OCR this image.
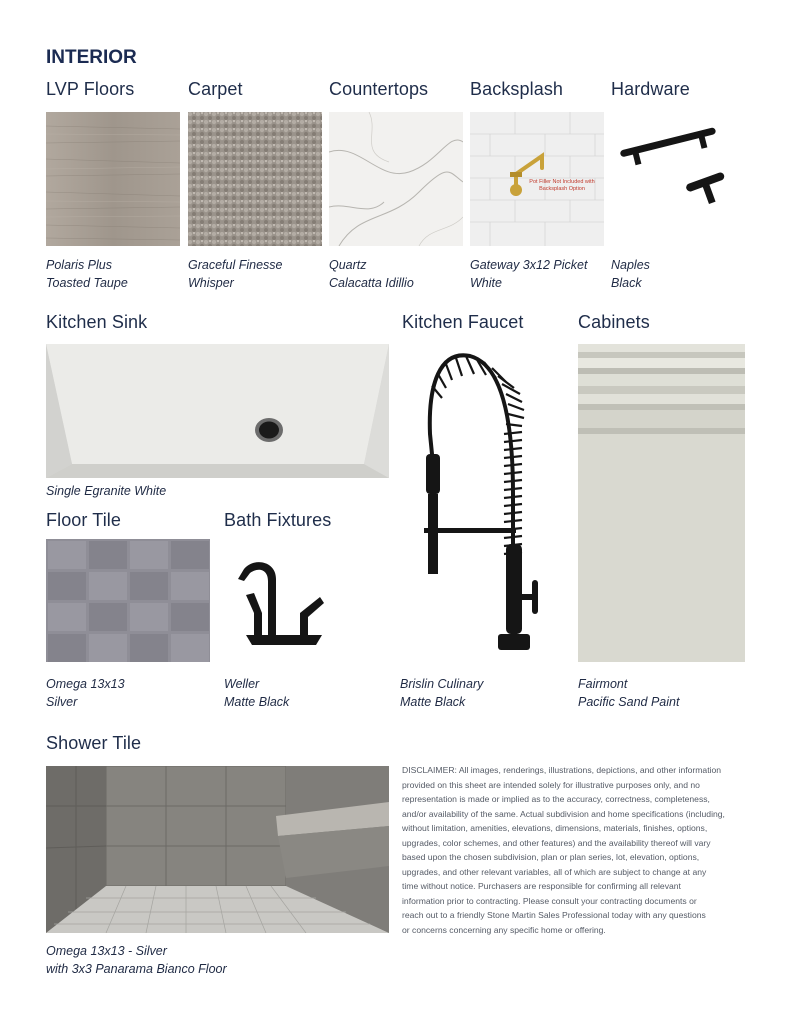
INTERIOR
LVP Floors
Polaris Plus
Toasted Taupe
Carpet
Graceful Finesse
Whisper
Countertops
Quartz
Calacatta Idillio
Backsplash
Pot Filler Not Included with Backsplash Option
Gateway 3x12 Picket
White
Hardware
Naples
Black
Kitchen Sink
Single Egranite White
Kitchen Faucet
Brislin Culinary
Matte Black
Cabinets
Fairmont
Pacific Sand Paint
Floor Tile
Omega 13x13
Silver
Bath Fixtures
Weller
Matte Black
Shower Tile
Omega 13x13 - Silver
with 3x3 Panarama Bianco Floor
DISCLAIMER: All images, renderings, illustrations, depictions, and other information
provided on this sheet are intended solely for illustrative purposes only, and no
representation is made or implied as to the accuracy, correctness, completeness,
and/or availability of the same. Actual subdivision and home specifications (including,
without limitation, amenities, elevations, dimensions, materials, finishes, options,
upgrades, color schemes, and other features) and the availability thereof will vary
based upon the chosen subdivision, plan or plan series, lot, elevation, options,
upgrades, and other relevant variables, all of which are subject to change at any
time without notice. Purchasers are responsible for confirming all relevant
information prior to contracting. Please consult your contracting documents or
reach out to a friendly Stone Martin Sales Professional today with any questions
or concerns concerning any specific home or offering.
